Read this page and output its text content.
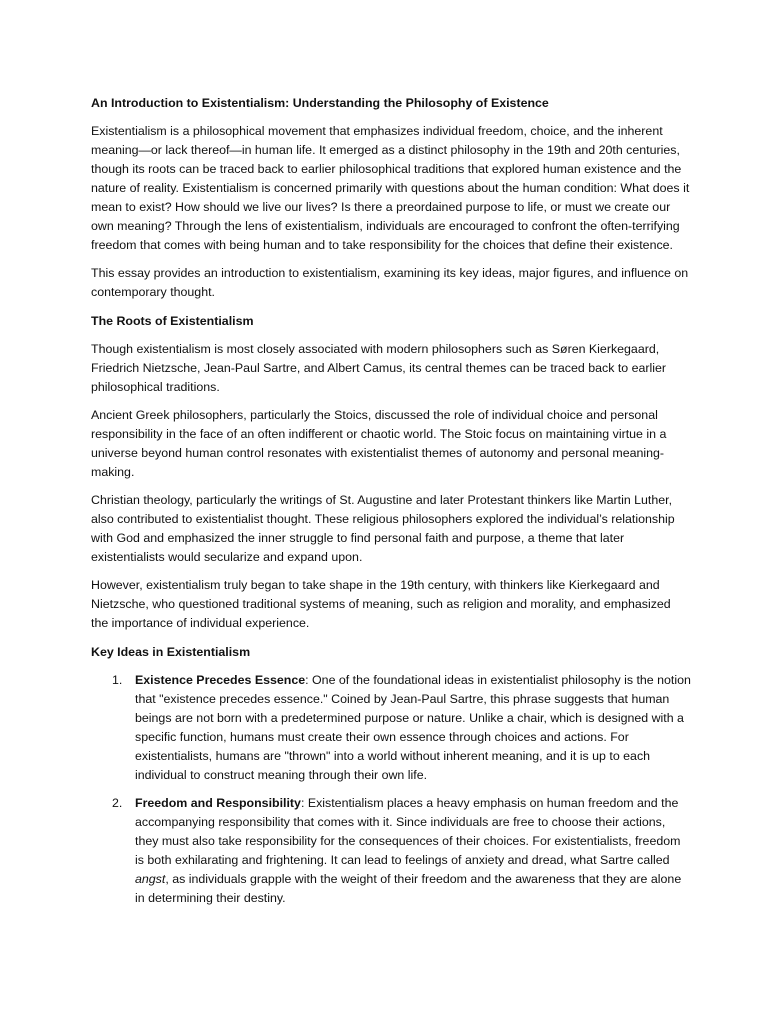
An Introduction to Existentialism: Understanding the Philosophy of Existence

Existentialism is a philosophical movement that emphasizes individual freedom, choice, and the inherent meaning—or lack thereof—in human life. It emerged as a distinct philosophy in the 19th and 20th centuries, though its roots can be traced back to earlier philosophical traditions that explored human existence and the nature of reality. Existentialism is concerned primarily with questions about the human condition: What does it mean to exist? How should we live our lives? Is there a preordained purpose to life, or must we create our own meaning? Through the lens of existentialism, individuals are encouraged to confront the often-terrifying freedom that comes with being human and to take responsibility for the choices that define their existence.

This essay provides an introduction to existentialism, examining its key ideas, major figures, and influence on contemporary thought.

The Roots of Existentialism

Though existentialism is most closely associated with modern philosophers such as Søren Kierkegaard, Friedrich Nietzsche, Jean-Paul Sartre, and Albert Camus, its central themes can be traced back to earlier philosophical traditions.

Ancient Greek philosophers, particularly the Stoics, discussed the role of individual choice and personal responsibility in the face of an often indifferent or chaotic world. The Stoic focus on maintaining virtue in a universe beyond human control resonates with existentialist themes of autonomy and personal meaning-making.

Christian theology, particularly the writings of St. Augustine and later Protestant thinkers like Martin Luther, also contributed to existentialist thought. These religious philosophers explored the individual’s relationship with God and emphasized the inner struggle to find personal faith and purpose, a theme that later existentialists would secularize and expand upon.

However, existentialism truly began to take shape in the 19th century, with thinkers like Kierkegaard and Nietzsche, who questioned traditional systems of meaning, such as religion and morality, and emphasized the importance of individual experience.

Key Ideas in Existentialism

1. Existence Precedes Essence: One of the foundational ideas in existentialist philosophy is the notion that "existence precedes essence." Coined by Jean-Paul Sartre, this phrase suggests that human beings are not born with a predetermined purpose or nature. Unlike a chair, which is designed with a specific function, humans must create their own essence through choices and actions. For existentialists, humans are "thrown" into a world without inherent meaning, and it is up to each individual to construct meaning through their own life.
2. Freedom and Responsibility: Existentialism places a heavy emphasis on human freedom and the accompanying responsibility that comes with it. Since individuals are free to choose their actions, they must also take responsibility for the consequences of their choices. For existentialists, freedom is both exhilarating and frightening. It can lead to feelings of anxiety and dread, what Sartre called angst, as individuals grapple with the weight of their freedom and the awareness that they are alone in determining their destiny.
